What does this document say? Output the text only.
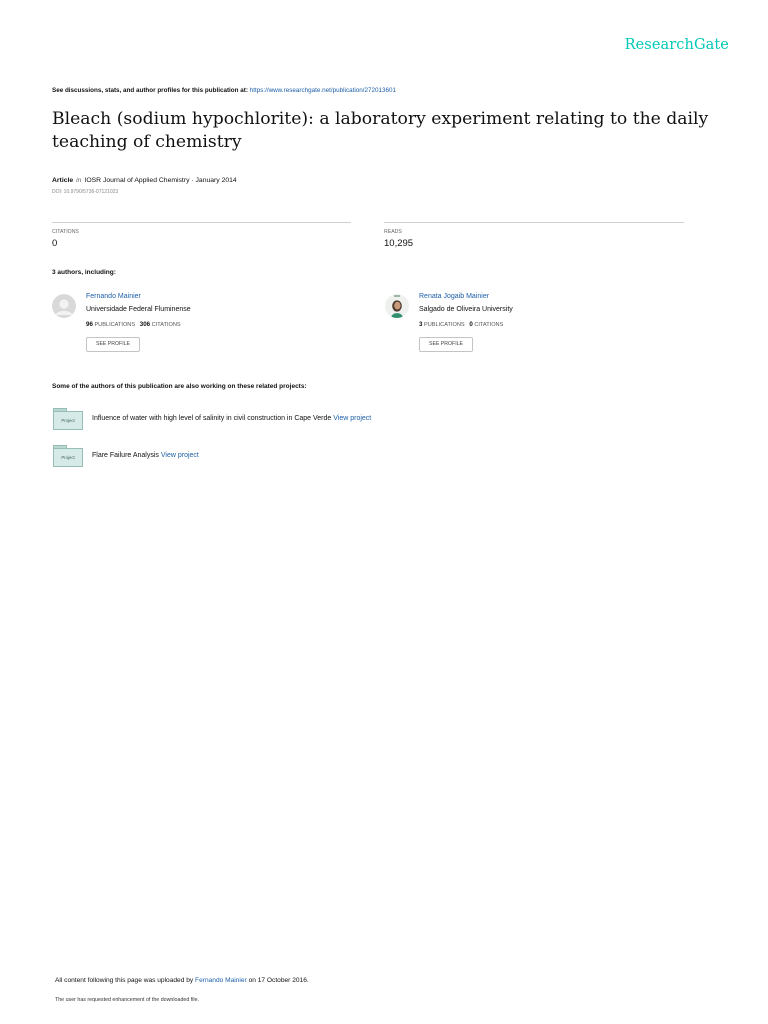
ResearchGate
See discussions, stats, and author profiles for this publication at: https://www.researchgate.net/publication/272013601
Bleach (sodium hypochlorite): a laboratory experiment relating to the daily teaching of chemistry
Article in IOSR Journal of Applied Chemistry · January 2014
DOI: 10.9790/5736-07121023
CITATIONS
0
READS
10,295
3 authors, including:
Fernando Mainier
Universidade Federal Fluminense
96 PUBLICATIONS 306 CITATIONS
SEE PROFILE
Renata Jogaib Mainier
Salgado de Oliveira University
3 PUBLICATIONS 0 CITATIONS
SEE PROFILE
Some of the authors of this publication are also working on these related projects:
Project	Influence of water with high level of salinity in civil construction in Cape Verde View project
Project	Flare Failure Analysis View project
All content following this page was uploaded by Fernando Mainier on 17 October 2016.
The user has requested enhancement of the downloaded file.
